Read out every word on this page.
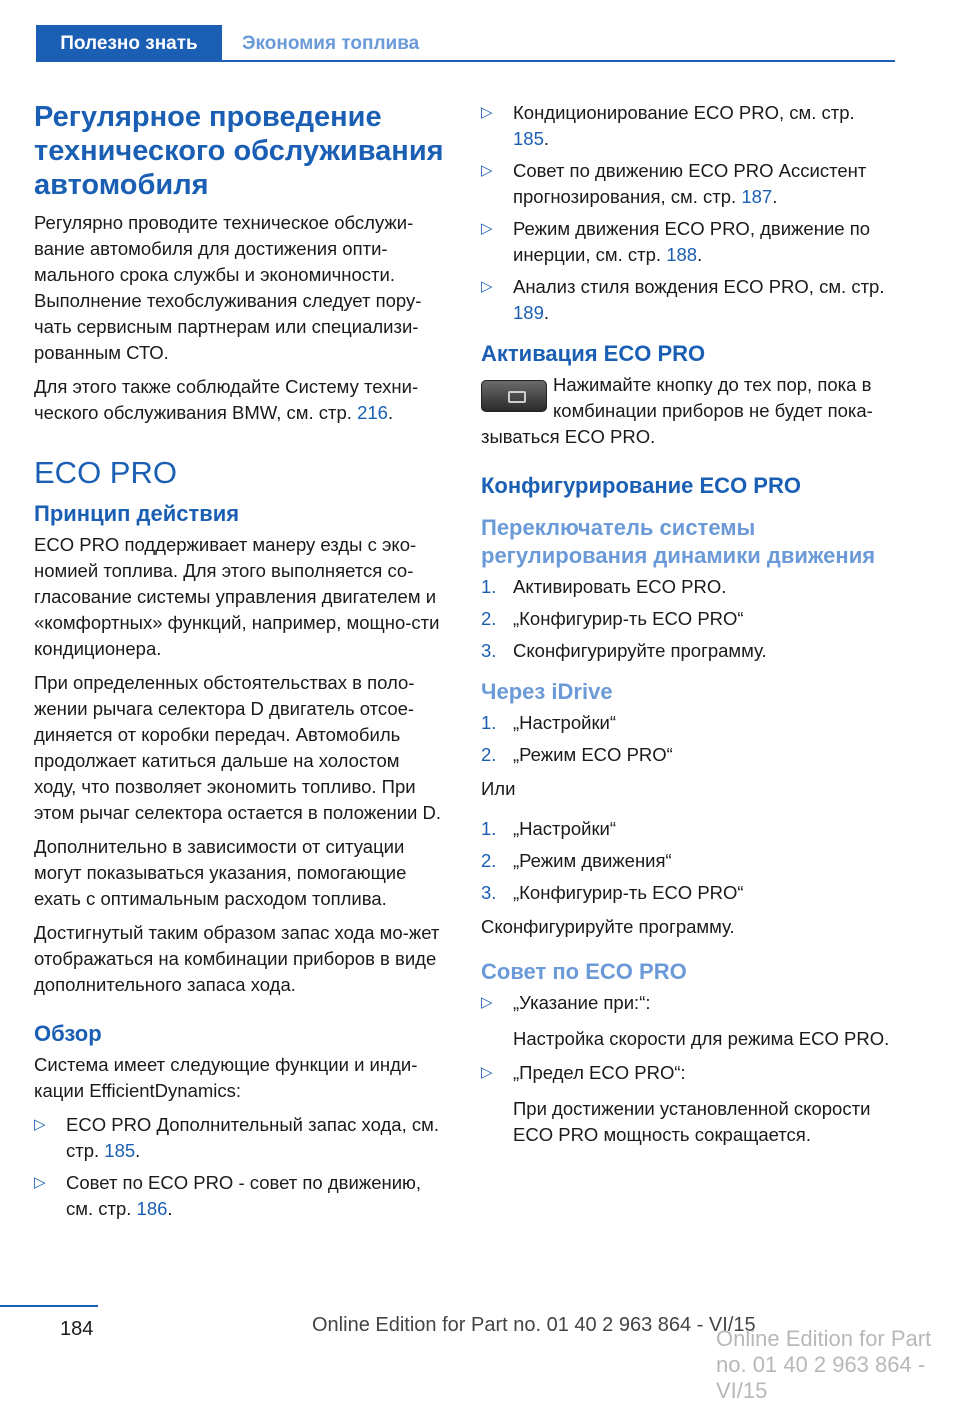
Полезно знать	Экономия топлива
Регулярное проведение технического обслуживания автомобиля

Регулярно проводите техническое обслужи-вание автомобиля для достижения опти-мального срока службы и экономичности. Выполнение техобслуживания следует пору-чать сервисным партнерам или специализи-рованным СТО.

Для этого также соблюдайте Систему техни-ческого обслуживания BMW, см. стр. 216.

ECO PRO
Принцип действия

ECO PRO поддерживает манеру езды с эко-номией топлива. Для этого выполняется со-гласование системы управления двигателем и «комфортных» функций, например, мощно-сти кондиционера.

При определенных обстоятельствах в поло-жении рычага селектора D двигатель отсое-диняется от коробки передач. Автомобиль продолжает катиться дальше на холостом ходу, что позволяет экономить топливо. При этом рычаг селектора остается в положении D.

Дополнительно в зависимости от ситуации могут показываться указания, помогающие ехать с оптимальным расходом топлива.

Достигнутый таким образом запас хода мо-жет отображаться на комбинации приборов в виде дополнительного запаса хода.

Обзор

Система имеет следующие функции и инди-кации EfficientDynamics:

▷ ECO PRO Дополнительный запас хода, см. стр. 185.
▷ Совет по ECO PRO - совет по движению, см. стр. 186.
▷ Кондиционирование ECO PRO, см. стр. 185.
▷ Совет по движению ECO PRO Ассистент прогнозирования, см. стр. 187.
▷ Режим движения ECO PRO, движение по инерции, см. стр. 188.
▷ Анализ стиля вождения ECO PRO, см. стр. 189.
Активация ECO PRO
Нажимайте кнопку до тех пор, пока в комбинации приборов не будет пока-
зываться ECO PRO.
Конфигурирование ECO PRO
Переключатель системы регулирования динамики движения
1. Активировать ECO PRO.
2. „Конфигурир-ть ECO PRO“
3. Сконфигурируйте программу.
Через iDrive
1. „Настройки“
2. „Режим ECO PRO“

Или

1. „Настройки“
2. „Режим движения“
3. „Конфигурир-ть ECO PRO“

Сконфигурируйте программу.

Совет по ECO PRO
▷ „Указание при:“:
Настройка скорости для режима ECO PRO.
▷ „Предел ECO PRO“:
При достижении установленной скорости ECO PRO мощность сокращается.
184	Online Edition for Part no. 01 40 2 963 864 - VI/15
Online Edition for Part no. 01 40 2 963 864 - VI/15
